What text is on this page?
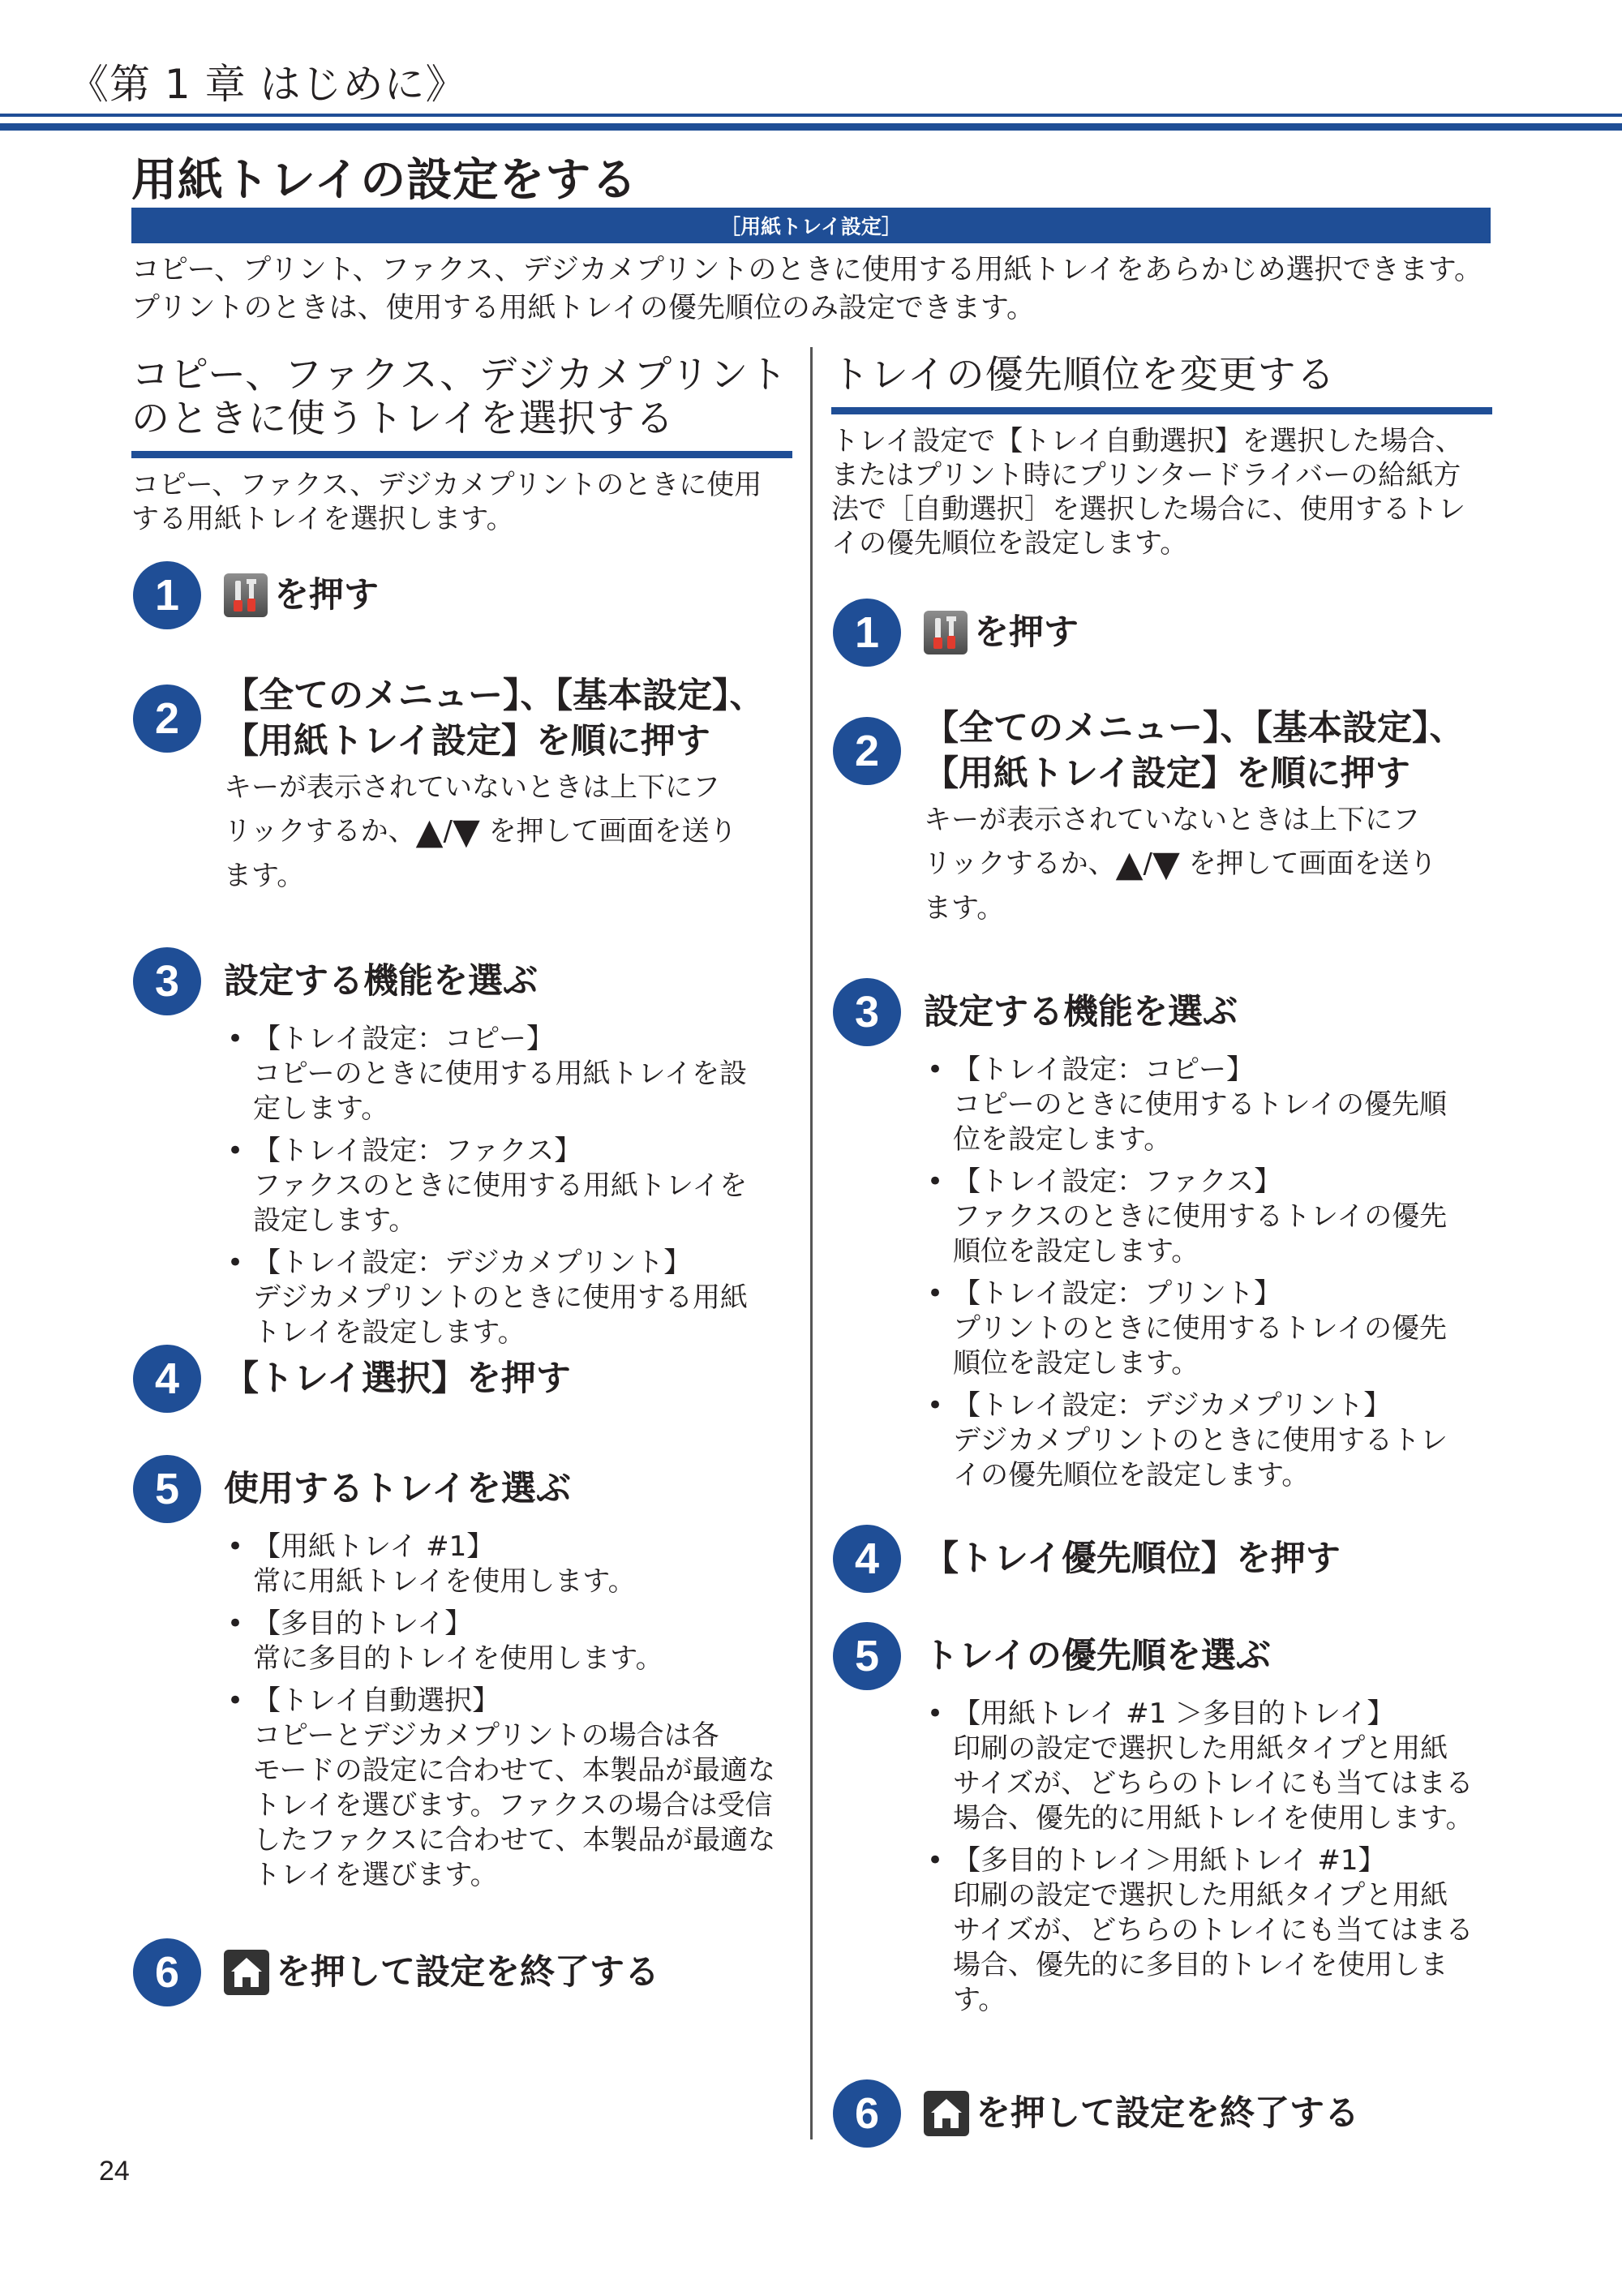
《第 1 章 はじめに》
用紙トレイの設定をする
［用紙トレイ設定］
コピー、プリント、ファクス、デジカメプリントのときに使用する用紙トレイをあらかじめ選択できます。
プリントのときは、使用する用紙トレイの優先順位のみ設定できます。
コピー、ファクス、デジカメプリント
のときに使うトレイを選択する
コピー、ファクス、デジカメプリントのときに使用
する用紙トレイを選択します。
1	を押す
2	【全てのメニュー】、【基本設定】、
【用紙トレイ設定】を順に押す
キーが表示されていないときは上下にフ
リックするか、▲/▼ を押して画面を送り
ます。
3	設定する機能を選ぶ
• 【トレイ設定：コピー】
コピーのときに使用する用紙トレイを設
定します。
• 【トレイ設定：ファクス】
ファクスのときに使用する用紙トレイを
設定します。
• 【トレイ設定：デジカメプリント】
デジカメプリントのときに使用する用紙
トレイを設定します。
4	【トレイ選択】を押す
5	使用するトレイを選ぶ
• 【用紙トレイ #1】
常に用紙トレイを使用します。
• 【多目的トレイ】
常に多目的トレイを使用します。
• 【トレイ自動選択】
コピーとデジカメプリントの場合は各
モードの設定に合わせて、本製品が最適な
トレイを選びます。ファクスの場合は受信
したファクスに合わせて、本製品が最適な
トレイを選びます。
6	を押して設定を終了する
トレイの優先順位を変更する
トレイ設定で【トレイ自動選択】を選択した場合、
またはプリント時にプリンタードライバーの給紙方
法で［自動選択］を選択した場合に、使用するトレ
イの優先順位を設定します。
1	を押す
2	【全てのメニュー】、【基本設定】、
【用紙トレイ設定】を順に押す
キーが表示されていないときは上下にフ
リックするか、▲/▼ を押して画面を送り
ます。
3	設定する機能を選ぶ
• 【トレイ設定：コピー】
コピーのときに使用するトレイの優先順
位を設定します。
• 【トレイ設定：ファクス】
ファクスのときに使用するトレイの優先
順位を設定します。
• 【トレイ設定：プリント】
プリントのときに使用するトレイの優先
順位を設定します。
• 【トレイ設定：デジカメプリント】
デジカメプリントのときに使用するトレ
イの優先順位を設定します。
4	【トレイ優先順位】を押す
5	トレイの優先順を選ぶ
• 【用紙トレイ #1 ＞多目的トレイ】
印刷の設定で選択した用紙タイプと用紙
サイズが、どちらのトレイにも当てはまる
場合、優先的に用紙トレイを使用します。
• 【多目的トレイ＞用紙トレイ #1】
印刷の設定で選択した用紙タイプと用紙
サイズが、どちらのトレイにも当てはまる
場合、優先的に多目的トレイを使用しま
す。
6	を押して設定を終了する
24
